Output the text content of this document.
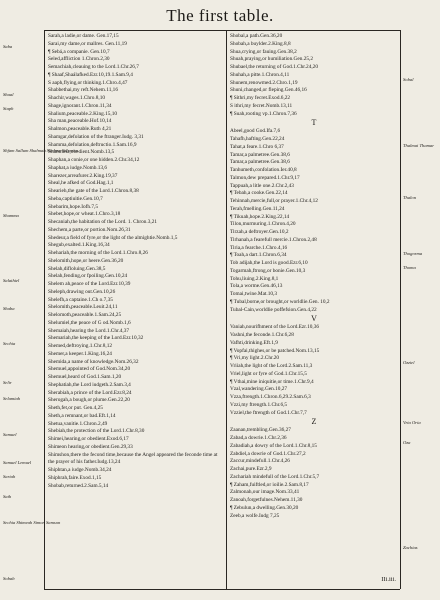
The first table.
Sarah,a ladie,or dame. Gen.17,15
Sarai,my dame,or mallres. Gen.11,19
¶ Sebá,a companie. Gen.10,7
Seled,affliction 1.Chron.2,30
Semachiah,cleauing to the Lord.1.Chr.26,7
¶ Shaaf,Shaálafked.Ezr.10,19.1.Sam.9,4
S aaph,flying,or thinking.1.Chro.4,47
Shabbethai,my reft.Nehem.11,16
Shachir,wages.1.Chro.8,10
Shage,ignorant.1.Chron.11,34
Shalium,peaceable.2.King.15,10
Sha man,peaceable.Hof.10,14
Shalmon,peaceable.Ruth 4,21
Shamgar,defolation of the ftranger.Iudg. 3,31
Shamma,defolation,deftructio.1.Sam.16,9
Shammiia,obedient.Nomb.13,5
Shaphan,a conie,or one hidden.2.Chr.34,12
Shaphat,a iudge.Nomb.13,6
Sharezer,arreafurer.2.King.19,37
Sheal,he afked of God.Hag.1,1
Shearieh,the gate of the Lord.1.Chron.8,38
Sheba,captiuitie.Gen.10,7
Shebarim,hope.Iofh.7,5
Shebet,hope,or wheat.1.Chro.3,18
Shecaniah,the habitation of the Lord. 1. Chron.3,21
Shechem,a parte,or portion.Nom.26,31
Shedeur,a field of fyre,or the light of the almightie.Nomb.1,5
Shegub,exalted.1.King.16,34
Shehariah,the morning of the Lord.1.Chro.8,26
Shelomith,hope,or heere.Gen.36,20
Shelah,difloluing.Gen.38,5
Shelah,fending,or fpoiling.Gen.10,24
Shelem ah,peace of the Lord.Ezr.10,39
Sheleph,drawing out.Gen.10,26
Shelefh,a captaine.1.Ch o.7,35
Shelomith,peaceable.Leuit.24,11
Shelomoth,peaceable.1.Sam.24,25
Shelumiel,the peace of G od.Nomb.1,6
Shemaiah,hearing the Lord.1.Chr.4,37
Shemariah,the keeping of the Lord.Ezr.10,32
Shemed,deftroying.1.Chr.8,12
Shemer,a keeper.1.King.16,24
Shemida,a name of knowledge.Nom.26,32
Shemuel,appointed of God.Nom.34,20
Shemuel,heard of God.1.Sam.1,20
Shephatiah,the Lord iudgeth.2.Sam.3,4
Sherabiah,a prince of the Lord.Ezr.8,24
Sherogah,a bough,or plume.Gen.22,20
Sheth,fet,or put. Gen.4,25
Sheth,a remnant,or bad.Eft.1,14
Shetua,vanitie.1.Chron.2,49
Shebiah,the protection of the Lord.1.Chr.8,30
Shimei,hearing,or obedient.Exod.6,17
Shimeon hearing,or obedient.Gen.29,33
Shimshon,there the fecond time,because the Angel appeared the feconde time at the prayer of his father.Iudg.13,24
Shiphtan,a iudge.Nomb.34,24
Shiphrah,faire.Exod.1,15
Shobab,returned.2.Sam.5,14
Shobal,a path.Gen.36,20
Shobah,a buylder.2.King.8,8
Shua,crying,or fauing.Gen.38,2
Shuah,praying,or humiliation.Gen.25,2
Shubael,the returning of God.1.Chr.24,20
Shuhah,a pitte.1.Chron.4,11
Shunem,renowmed.2.Chro.1,19
Shuni,changed,or fleping.Gen.46,16
¶ Sithri,my fecret.Exod.6,22
S ithri,my fecret.Nomb.13,11
¶ Suah,rooting vp.1.Chron.7,36
T
Abeel,good God.Ifa.7,6
Tahafh,hafting.Gen.22,24
Tahat,a feare.1.Chro 6,37
Tamar,a palmetree.Gen.38,6
Tamar,a palmetree.Gen.38,6
Tanhumeth,confolation.Ier.40,8
Talmon,dew prepared.1.Chr.9,17
Tappuah,a litle one.2.Chr.2,43
¶ Tebah,a cooke.Gen.22,14
Tehinnah,mercie,full,or prayer.1.Chr.4,12
Terah,fmelling.Gen.11,24
¶ Tikuah,hope.2.King.22,14
Tilon,murmuring.1.Chron.4,20
Tirzah,a deftroyer.Gen.10,2
Tirhanah,a fearefull mercie.1.Chron.2,48
Tiria,a fearche.1.Chro.4,16
¶ Toah,a dart.1.Chron.6,34
Tob adijah,the Lord is good.Ezr.6,10
Togarmah,ftrong,or bonie.Gen.10,3
Tohu,liuing.2.King.8,1
Tola,a worme.Gen.46,13
Tomai,twine.Mat.10,3
¶ Tubal,borne,or brought,or worldlie.Gen. 10,2
Tubal-Cain,worldlie poffefsion.Gen.4,22
V
Vaniah,nourifhment of the Lord.Ezr.10,36
Vashni,the feconde.1.Chr.6,28
Vafhti,drinking.Eft.1,9
¶ Vopfai,thighes,or be patched.Nom.13,15
¶ Vri,my light.2.Chr.20
Vriiah,the light of the Lord.2.Sam.11,3
Vriel,light or fyre of God.1.Chr.15,5
¶ Vthai,mine iniquitie,or time.1.Chr.9,4
Vzal,wandering.Gen.10,27
Vzza,ftrength.1.Chron.6,29.2.Sam.6,3
Vzzi,my ftrength.1.Chr.6,5
Vzziel,the ftrength of God.1.Chr.7,7
Z
Zaanan,trembling.Gen.36,27
Zabad,a dowrie.1.Chr.2,36
Zabadiah,a dowry of the Lord.1.Chr.8,15
Zabdiel,a dowrie of God.1.Chr.27,2
Zaccur,mindefull.1.Chr.4,26
Zachai,pure.Ezr.2,9
Zachariah mindefull of the Lord.1.Chr.5,7
¶ Zaham,fuiftled,or ioilie.2.Sam.8,17
Zalmonah,our image.Nom.33,41
Zanoah,forgetfulnes.Nehem.11,30
¶ Zebulun,a dwelling.Gen.30,20
Zeeb,a wolfe.Iudg 7,25
Saba
Shaal
Staph
Shfam Sallum Shalmah Shalma Salomon
Shamma
Salathiel
Shaba
Sechia
Selir
Selamiah
Samuel
Samuel Lemuel
Sariah
Sath
Sechia Shimeah Simon Samson
Sobab
Sobal
Thalmai Thamar
Thalon
Thogorma
Thoma
Ozziel
Vria Oria
Oza
Zachias
IIi.iii.
